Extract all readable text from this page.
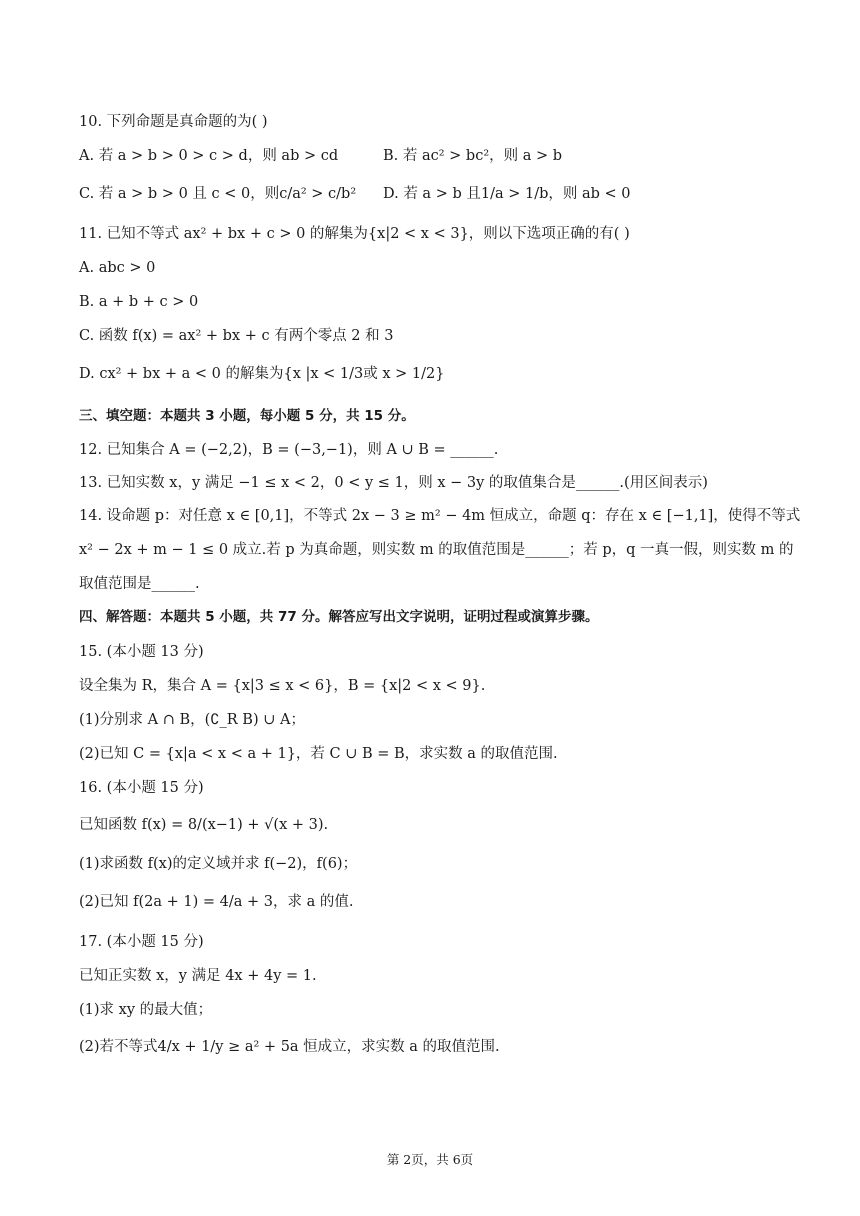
10. 下列命题是真命题的为( )
A. 若 a > b > 0 > c > d，则 ab > cd	B. 若 ac² > bc²，则 a > b
C. 若 a > b > 0 且 c < 0，则c/a² > c/b² D. 若 a > b 且1/a > 1/b，则 ab < 0
11. 已知不等式 ax² + bx + c > 0 的解集为{x|2 < x < 3}，则以下选项正确的有( )
A. abc > 0
B. a + b + c > 0
C. 函数 f(x) = ax² + bx + c 有两个零点 2 和 3
D. cx² + bx + a < 0 的解集为{x |x < 1/3或 x > 1/2}
三、填空题：本题共 3 小题，每小题 5 分，共 15 分。
12. 已知集合 A = (−2,2)，B = (−3,−1)，则 A ∪ B = ______.
13. 已知实数 x，y 满足 −1 ≤ x < 2，0 < y ≤ 1，则 x − 3y 的取值集合是______.(用区间表示)
14. 设命题 p：对任意 x ∈ [0,1]，不等式 2x − 3 ≥ m² − 4m 恒成立，命题 q：存在 x ∈ [−1,1]，使得不等式
x² − 2x + m − 1 ≤ 0 成立.若 p 为真命题，则实数 m 的取值范围是______；若 p，q 一真一假，则实数 m 的
取值范围是______.
四、解答题：本题共 5 小题，共 77 分。解答应写出文字说明，证明过程或演算步骤。
15. (本小题 13 分)
设全集为 R，集合 A = {x|3 ≤ x < 6}，B = {x|2 < x < 9}.
(1)分别求 A ∩ B，(∁_R B) ∪ A；
(2)已知 C = {x|a < x < a + 1}，若 C ∪ B = B，求实数 a 的取值范围.
16. (本小题 15 分)
已知函数 f(x) = 8/(x−1) + √(x + 3).
(1)求函数 f(x)的定义域并求 f(−2)，f(6)；
(2)已知 f(2a + 1) = 4/a + 3，求 a 的值.
17. (本小题 15 分)
已知正实数 x，y 满足 4x + 4y = 1.
(1)求 xy 的最大值；
(2)若不等式4/x + 1/y ≥ a² + 5a 恒成立，求实数 a 的取值范围.
第 2页，共 6页
